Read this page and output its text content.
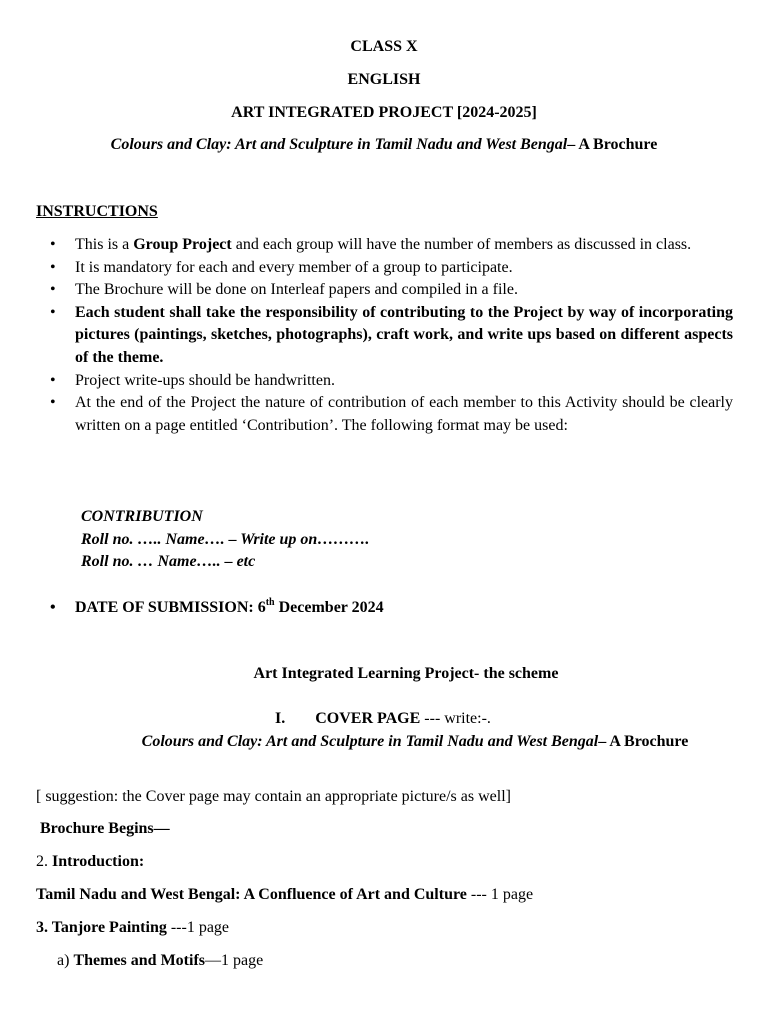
CLASS X
ENGLISH
ART INTEGRATED PROJECT [2024-2025]
Colours and Clay: Art and Sculpture in Tamil Nadu and West Bengal– A Brochure
INSTRUCTIONS
• This is a Group Project and each group will have the number of members as discussed in class.
• It is mandatory for each and every member of a group to participate.
• The Brochure will be done on Interleaf papers and compiled in a file.
• Each student shall take the responsibility of contributing to the Project by way of incorporating pictures (paintings, sketches, photographs), craft work, and write ups based on different aspects of the theme.
• Project write-ups should be handwritten.
• At the end of the Project the nature of contribution of each member to this Activity should be clearly written on a page entitled ‘Contribution’. The following format may be used:
CONTRIBUTION
Roll no. ….. Name…. – Write up on……….
Roll no. … Name….. – etc
• DATE OF SUBMISSION: 6th December 2024
Art Integrated Learning Project- the scheme
I. COVER PAGE --- write:-.
Colours and Clay: Art and Sculpture in Tamil Nadu and West Bengal– A Brochure
[ suggestion: the Cover page may contain an appropriate picture/s as well]
Brochure Begins—
2. Introduction:
Tamil Nadu and West Bengal: A Confluence of Art and Culture --- 1 page
3. Tanjore Painting ---1 page
a) Themes and Motifs—1 page
